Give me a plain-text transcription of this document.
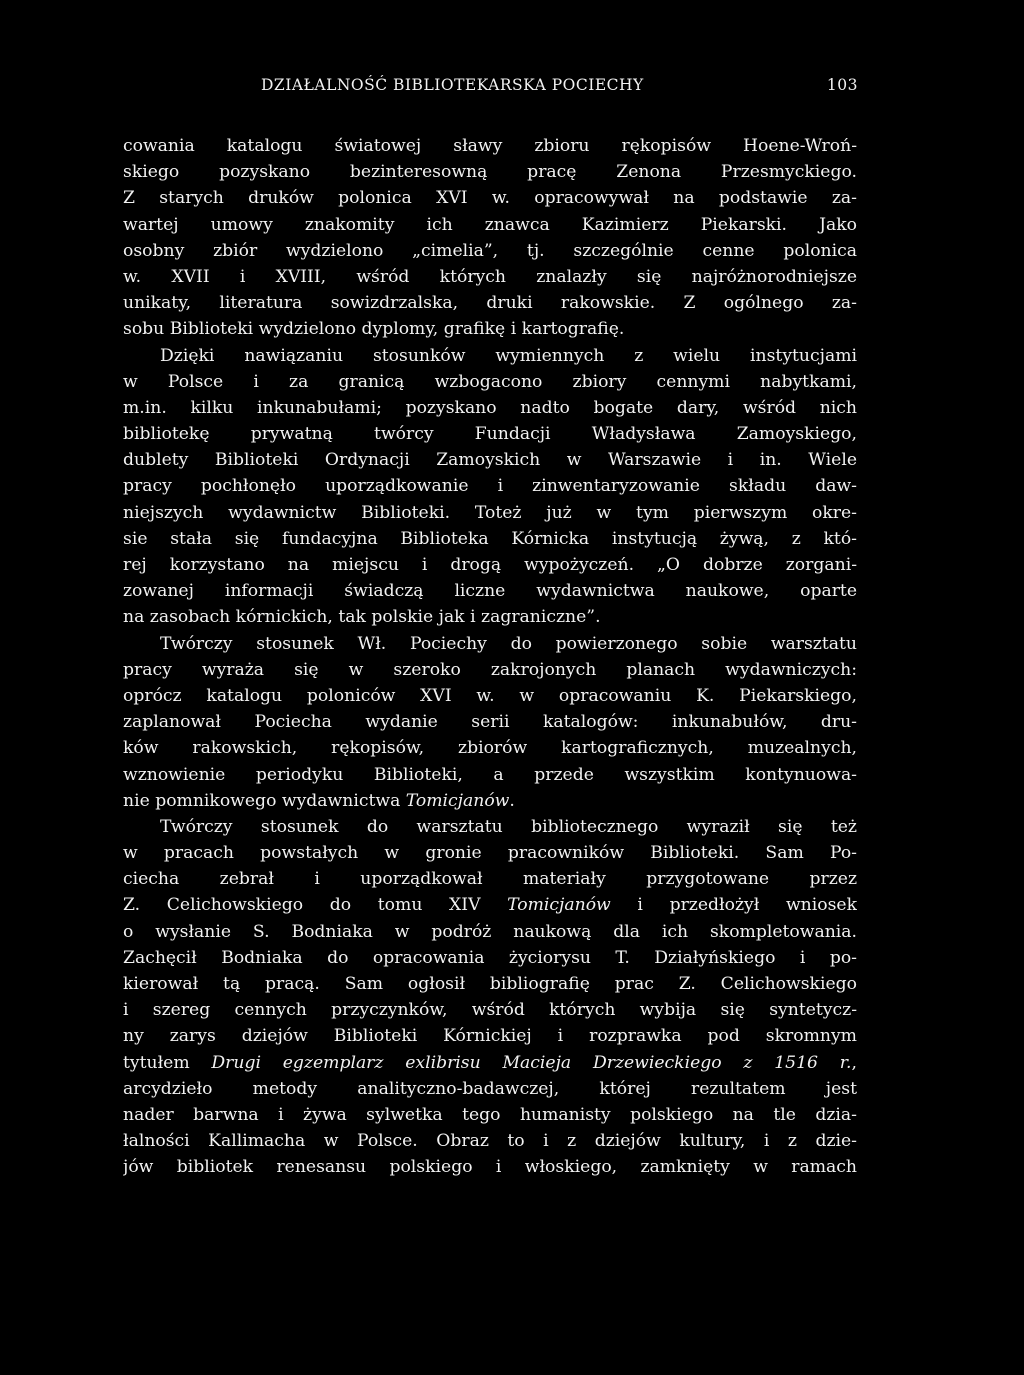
DZIAŁALNOŚĆ BIBLIOTEKARSKA POCIECHY	103
cowania katalogu światowej sławy zbioru rękopisów Hoene-Wroń-
skiego pozyskano bezinteresowną pracę Zenona Przesmyckiego.
Z starych druków polonica XVI w. opracowywał na podstawie za-
wartej umowy znakomity ich znawca Kazimierz Piekarski. Jako
osobny zbiór wydzielono „cimelia”, tj. szczególnie cenne polonica
w. XVII i XVIII, wśród których znalazły się najróżnorodniejsze
unikaty, literatura sowizdrzalska, druki rakowskie. Z ogólnego za-
sobu Biblioteki wydzielono dyplomy, grafikę i kartografię.
Dzięki nawiązaniu stosunków wymiennych z wielu instytucjami
w Polsce i za granicą wzbogacono zbiory cennymi nabytkami,
m.in. kilku inkunabułami; pozyskano nadto bogate dary, wśród nich
bibliotekę prywatną twórcy Fundacji Władysława Zamoyskiego,
dublety Biblioteki Ordynacji Zamoyskich w Warszawie i in. Wiele
pracy pochłonęło uporządkowanie i zinwentaryzowanie składu daw-
niejszych wydawnictw Biblioteki. Toteż już w tym pierwszym okre-
sie stała się fundacyjna Biblioteka Kórnicka instytucją żywą, z któ-
rej korzystano na miejscu i drogą wypożyczeń. „O dobrze zorgani-
zowanej informacji świadczą liczne wydawnictwa naukowe, oparte
na zasobach kórnickich, tak polskie jak i zagraniczne”.
Twórczy stosunek Wł. Pociechy do powierzonego sobie warsztatu
pracy wyraża się w szeroko zakrojonych planach wydawniczych:
oprócz katalogu poloniców XVI w. w opracowaniu K. Piekarskiego,
zaplanował Pociecha wydanie serii katalogów: inkunabułów, dru-
ków rakowskich, rękopisów, zbiorów kartograficznych, muzealnych,
wznowienie periodyku Biblioteki, a przede wszystkim kontynuowa-
nie pomnikowego wydawnictwa Tomicjanów.
Twórczy stosunek do warsztatu bibliotecznego wyraził się też
w pracach powstałych w gronie pracowników Biblioteki. Sam Po-
ciecha zebrał i uporządkował materiały przygotowane przez
Z. Celichowskiego do tomu XIV Tomicjanów i przedłożył wniosek
o wysłanie S. Bodniaka w podróż naukową dla ich skompletowania.
Zachęcił Bodniaka do opracowania życiorysu T. Działyńskiego i po-
kierował tą pracą. Sam ogłosił bibliografię prac Z. Celichowskiego
i szereg cennych przyczynków, wśród których wybija się syntetycz-
ny zarys dziejów Biblioteki Kórnickiej i rozprawka pod skromnym
tytułem Drugi egzemplarz exlibrisu Macieja Drzewieckiego z 1516 r.,
arcydzieło metody analityczno-badawczej, której rezultatem jest
nader barwna i żywa sylwetka tego humanisty polskiego na tle dzia-
łalności Kallimacha w Polsce. Obraz to i z dziejów kultury, i z dzie-
jów bibliotek renesansu polskiego i włoskiego, zamknięty w ramach
